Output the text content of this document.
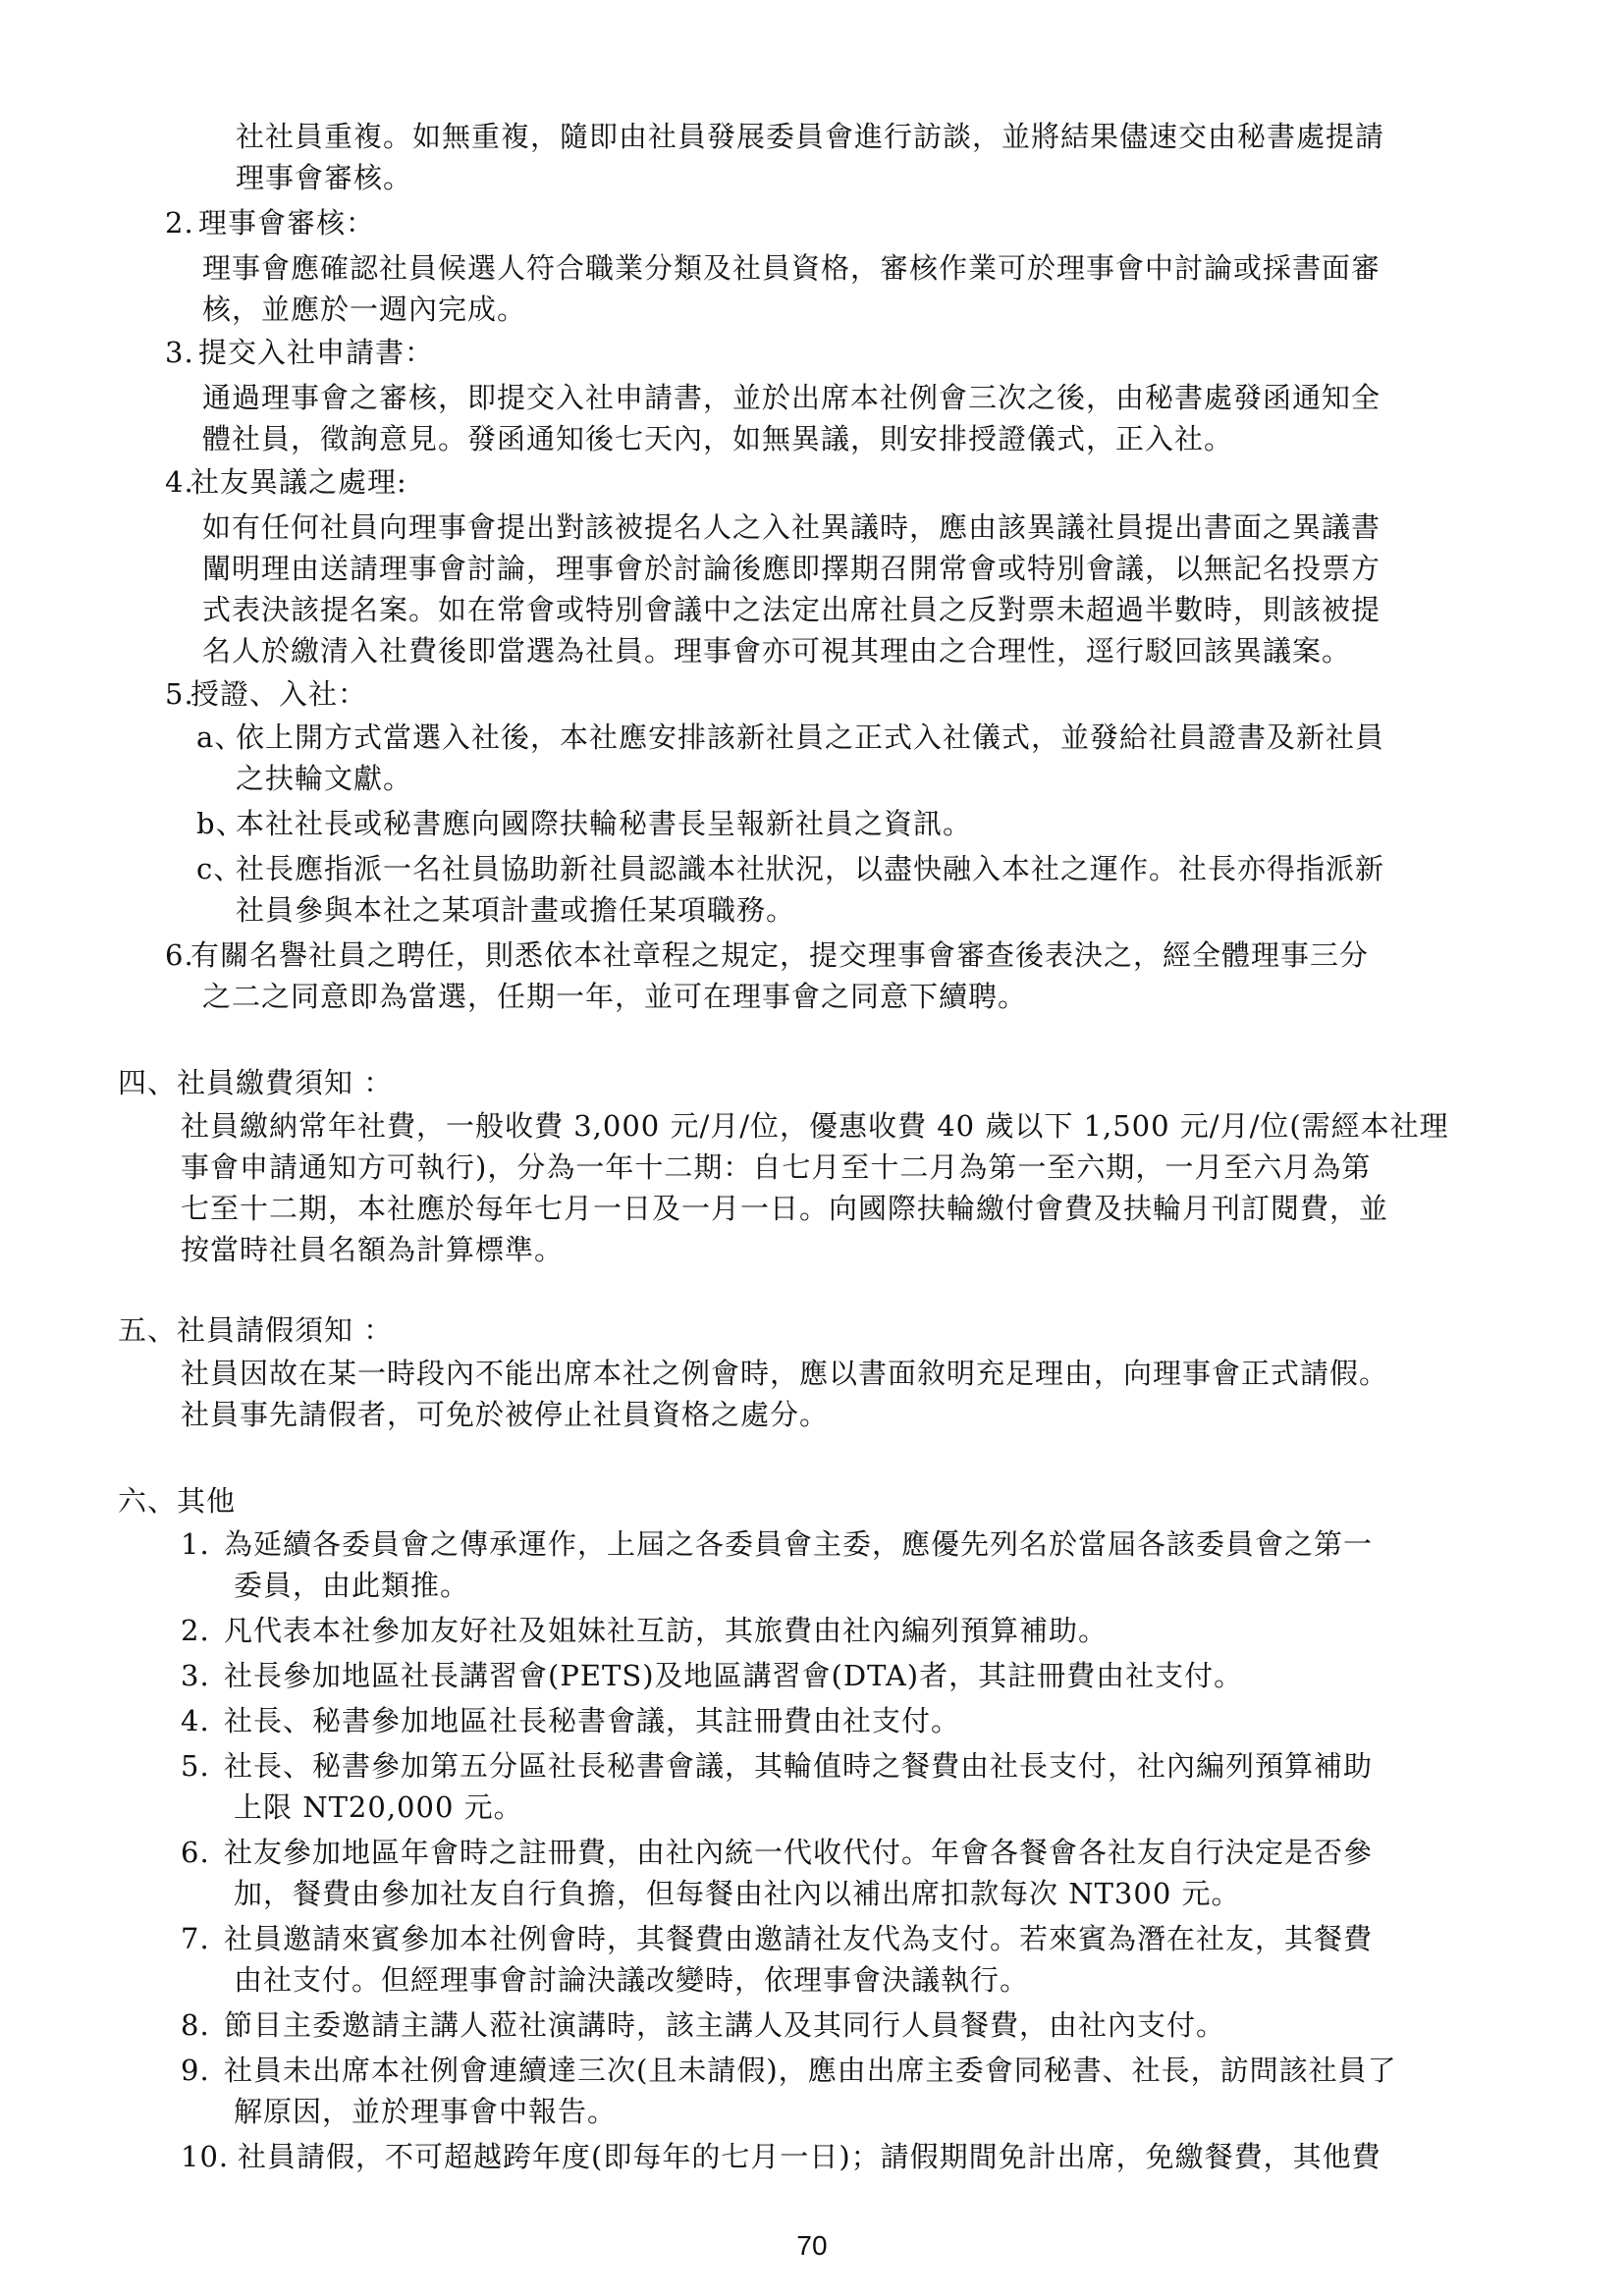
社社員重複。如無重複，隨即由社員發展委員會進行訪談，並將結果儘速交由秘書處提請
理事會審核。
2. 理事會審核：
理事會應確認社員候選人符合職業分類及社員資格，審核作業可於理事會中討論或採書面審
核，並應於一週內完成。
3. 提交入社申請書：
通過理事會之審核，即提交入社申請書，並於出席本社例會三次之後，由秘書處發函通知全
體社員，徵詢意見。發函通知後七天內，如無異議，則安排授證儀式，正入社。
4.
社友異議之處理:
如有任何社員向理事會提出對該被提名人之入社異議時，應由該異議社員提出書面之異議書
闡明理由送請理事會討論，理事會於討論後應即擇期召開常會或特別會議，以無記名投票方
式表決該提名案。如在常會或特別會議中之法定出席社員之反對票未超過半數時，則該被提
名人於繳清入社費後即當選為社員。理事會亦可視其理由之合理性，逕行駁回該異議案。
5.
授證、入社：
a、
依上開方式當選入社後，本社應安排該新社員之正式入社儀式，並發給社員證書及新社員
之扶輪文獻。
b、
本社社長或秘書應向國際扶輪秘書長呈報新社員之資訊。
c、
社長應指派一名社員協助新社員認識本社狀況，以盡快融入本社之運作。社長亦得指派新
社員參與本社之某項計畫或擔任某項職務。
6.
有關名譽社員之聘任，則悉依本社章程之規定，提交理事會審查後表決之，經全體理事三分
之二之同意即為當選，任期一年，並可在理事會之同意下續聘。
四、社員繳費須知 ：
社員繳納常年社費，一般收費 3,000 元/月/位，優惠收費 40 歲以下 1,500 元/月/位(需經本社理
事會申請通知方可執行)，分為一年十二期：自七月至十二月為第一至六期，一月至六月為第
七至十二期，本社應於每年七月一日及一月一日。向國際扶輪繳付會費及扶輪月刊訂閱費，並
按當時社員名額為計算標準。
五、社員請假須知 ：
社員因故在某一時段內不能出席本社之例會時，應以書面敘明充足理由，向理事會正式請假。
社員事先請假者，可免於被停止社員資格之處分。
六、其他
1. 為延續各委員會之傳承運作，上屆之各委員會主委，應優先列名於當屆各該委員會之第一
委員，由此類推。
2. 凡代表本社參加友好社及姐妹社互訪，其旅費由社內編列預算補助。
3. 社長參加地區社長講習會(PETS)及地區講習會(DTA)者，其註冊費由社支付。
4. 社長、秘書參加地區社長秘書會議，其註冊費由社支付。
5. 社長、秘書參加第五分區社長秘書會議，其輪值時之餐費由社長支付，社內編列預算補助
上限 NT20,000 元。
6. 社友參加地區年會時之註冊費，由社內統一代收代付。年會各餐會各社友自行決定是否參
加，餐費由參加社友自行負擔，但每餐由社內以補出席扣款每次 NT300 元。
7. 社員邀請來賓參加本社例會時，其餐費由邀請社友代為支付。若來賓為潛在社友，其餐費
由社支付。但經理事會討論決議改變時，依理事會決議執行。
8. 節目主委邀請主講人蒞社演講時，該主講人及其同行人員餐費，由社內支付。
9. 社員未出席本社例會連續達三次(且未請假)，應由出席主委會同秘書、社長，訪問該社員了
解原因，並於理事會中報告。
10. 社員請假，不可超越跨年度(即每年的七月一日)；請假期間免計出席，免繳餐費，其他費
70
